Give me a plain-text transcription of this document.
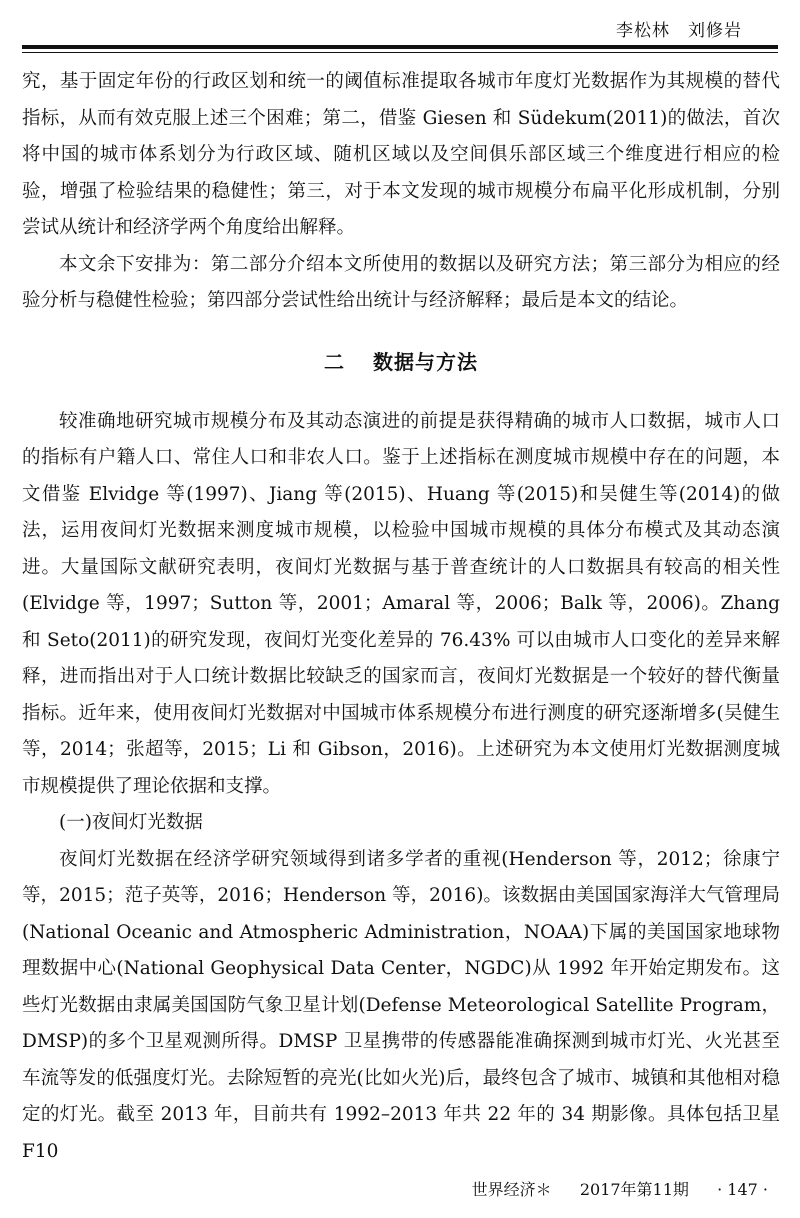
李松林　刘修岩

究，基于固定年份的行政区划和统一的阈值标准提取各城市年度灯光数据作为其规模的替代指标，从而有效克服上述三个困难；第二，借鉴 Giesen 和 Südekum(2011)的做法，首次将中国的城市体系划分为行政区域、随机区域以及空间俱乐部区域三个维度进行相应的检验，增强了检验结果的稳健性；第三，对于本文发现的城市规模分布扁平化形成机制，分别尝试从统计和经济学两个角度给出解释。

本文余下安排为：第二部分介绍本文所使用的数据以及研究方法；第三部分为相应的经验分析与稳健性检验；第四部分尝试性给出统计与经济解释；最后是本文的结论。

二 数据与方法

较准确地研究城市规模分布及其动态演进的前提是获得精确的城市人口数据，城市人口的指标有户籍人口、常住人口和非农人口。鉴于上述指标在测度城市规模中存在的问题，本文借鉴 Elvidge 等(1997)、Jiang 等(2015)、Huang 等(2015)和吴健生等(2014)的做法，运用夜间灯光数据来测度城市规模，以检验中国城市规模的具体分布模式及其动态演进。大量国际文献研究表明，夜间灯光数据与基于普查统计的人口数据具有较高的相关性(Elvidge 等，1997；Sutton 等，2001；Amaral 等，2006；Balk 等，2006)。Zhang 和 Seto(2011)的研究发现，夜间灯光变化差异的 76.43% 可以由城市人口变化的差异来解释，进而指出对于人口统计数据比较缺乏的国家而言，夜间灯光数据是一个较好的替代衡量指标。近年来，使用夜间灯光数据对中国城市体系规模分布进行测度的研究逐渐增多(吴健生等，2014；张超等，2015；Li 和 Gibson，2016)。上述研究为本文使用灯光数据测度城市规模提供了理论依据和支撑。

(一)夜间灯光数据

夜间灯光数据在经济学研究领域得到诸多学者的重视(Henderson 等，2012；徐康宁等，2015；范子英等，2016；Henderson 等，2016)。该数据由美国国家海洋大气管理局(National Oceanic and Atmospheric Administration，NOAA)下属的美国国家地球物理数据中心(National Geophysical Data Center，NGDC)从 1992 年开始定期发布。这些灯光数据由隶属美国国防气象卫星计划(Defense Meteorological Satellite Program，DMSP)的多个卫星观测所得。DMSP 卫星携带的传感器能准确探测到城市灯光、火光甚至车流等发的低强度灯光。去除短暂的亮光(比如火光)后，最终包含了城市、城镇和其他相对稳定的灯光。截至 2013 年，目前共有 1992–2013 年共 22 年的 34 期影像。具体包括卫星 F10

世界经济＊ 2017年第11期 · 147 ·
